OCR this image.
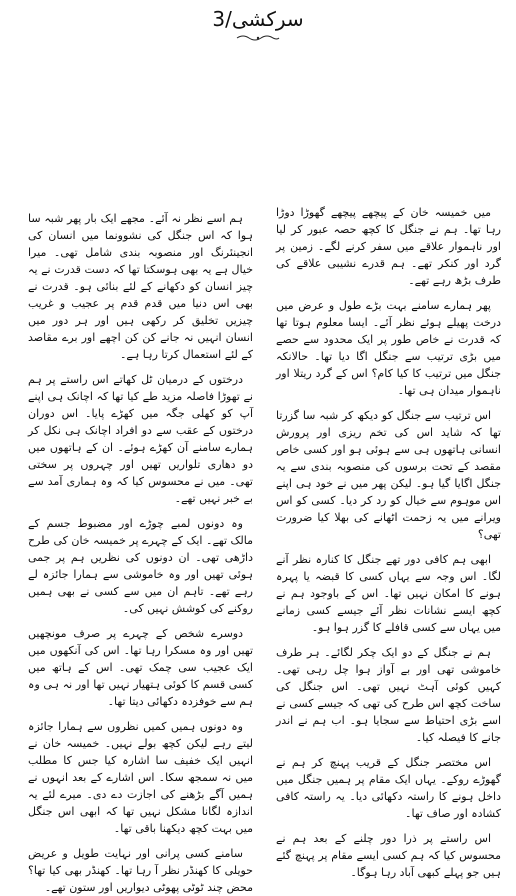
سرکشی/3

میں خمیسہ خان کے پیچھے پیچھے گھوڑا دوڑا رہا تھا۔ ہم نے جنگل کا کچھ حصہ عبور کر لیا اور ناہموار علاقے میں سفر کرنے لگے۔ زمین پر گرد اور کنکر تھے۔ ہم قدرے نشیبی علاقے کی طرف بڑھ رہے تھے۔

پھر ہمارے سامنے بہت بڑے طول و عرض میں درخت پھیلے ہوئے نظر آئے۔ ایسا معلوم ہوتا تھا کہ قدرت نے خاص طور پر ایک محدود سے حصے میں بڑی ترتیب سے جنگل اگا دیا تھا۔ حالانکہ جنگل میں ترتیب کا کیا کام؟ اس کے گرد ریتلا اور ناہموار میدان ہی تھا۔

اس ترتیب سے جنگل کو دیکھ کر شبہ سا گزرتا تھا کہ شاید اس کی تخم ریزی اور پرورش انسانی ہاتھوں ہی سے ہوئی ہو اور کسی خاص مقصد کے تحت برسوں کی منصوبہ بندی سے یہ جنگل اگایا گیا ہو۔ لیکن پھر میں نے خود ہی اپنے اس موہوم سے خیال کو رد کر دیا۔ کسی کو اس ویرانے میں یہ زحمت اٹھانے کی بھلا کیا ضرورت تھی؟

ابھی ہم کافی دور تھے جنگل کا کنارہ نظر آنے لگا۔ اس وجہ سے یہاں کسی کا قبضہ یا پہرہ ہونے کا امکان نہیں تھا۔ اس کے باوجود ہم نے کچھ ایسے نشانات نظر آئے جیسے کسی زمانے میں یہاں سے کسی قافلے کا گزر ہوا ہو۔

ہم نے جنگل کے دو ایک چکر لگائے۔ ہر طرف خاموشی تھی اور بے آواز ہوا چل رہی تھی۔ کہیں کوئی آہٹ نہیں تھی۔ اس جنگل کی ساخت کچھ اس طرح کی تھی کہ جیسے کسی نے اسے بڑی احتیاط سے سجایا ہو۔ اب ہم نے اندر جانے کا فیصلہ کیا۔

اس مختصر جنگل کے قریب پہنچ کر ہم نے گھوڑے روکے۔ یہاں ایک مقام پر ہمیں جنگل میں داخل ہونے کا راستہ دکھائی دیا۔ یہ راستہ کافی کشادہ اور صاف تھا۔

اس راستے پر ذرا دور چلنے کے بعد ہم نے محسوس کیا کہ ہم کسی ایسے مقام پر پہنچ گئے ہیں جو پہلے کبھی آباد رہا ہوگا۔

ہم اسے نظر نہ آئے۔ مجھے ایک بار پھر شبہ سا ہوا کہ اس جنگل کی نشوونما میں انسان کی انجینئرنگ اور منصوبہ بندی شامل تھی۔ میرا خیال ہے یہ بھی ہوسکتا تھا کہ دست قدرت نے یہ چیز انسان کو دکھانے کے لئے بنائی ہو۔ قدرت نے بھی اس دنیا میں قدم قدم پر عجیب و غریب چیزیں تخلیق کر رکھی ہیں اور ہر دور میں انسان انہیں نہ جانے کن کن اچھے اور برے مقاصد کے لئے استعمال کرتا رہا ہے۔

درختوں کے درمیان ٹل کھاتے اس راستے پر ہم نے تھوڑا فاصلہ مزید طے کیا تھا کہ اچانک ہی اپنے آپ کو کھلی جگہ میں کھڑے پایا۔ اس دوران درختوں کے عقب سے دو افراد اچانک ہی نکل کر ہمارے سامنے آن کھڑے ہوئے۔ ان کے ہاتھوں میں دو دھاری تلواریں تھیں اور چہروں پر سختی تھی۔ میں نے محسوس کیا کہ وہ ہماری آمد سے بے خبر نہیں تھے۔

وہ دونوں لمبے چوڑے اور مضبوط جسم کے مالک تھے۔ ایک کے چہرے پر خمیسہ خان کی طرح داڑھی تھی۔ ان دونوں کی نظریں ہم پر جمی ہوئی تھیں اور وہ خاموشی سے ہمارا جائزہ لے رہے تھے۔ تاہم ان میں سے کسی نے بھی ہمیں روکنے کی کوشش نہیں کی۔

دوسرے شخص کے چہرے پر صرف مونچھیں تھیں اور وہ مسکرا رہا تھا۔ اس کی آنکھوں میں ایک عجیب سی چمک تھی۔ اس کے ہاتھ میں کسی قسم کا کوئی ہتھیار نہیں تھا اور نہ ہی وہ ہم سے خوفزدہ دکھائی دیتا تھا۔

وہ دونوں ہمیں کمیں نظروں سے ہمارا جائزہ لیتے رہے لیکن کچھ بولے نہیں۔ خمیسہ خان نے انہیں ایک خفیف سا اشارہ کیا جس کا مطلب میں نہ سمجھ سکا۔ اس اشارے کے بعد انہوں نے ہمیں آگے بڑھنے کی اجازت دے دی۔ میرے لئے یہ اندازہ لگانا مشکل نہیں تھا کہ ابھی اس جنگل میں بہت کچھ دیکھنا باقی تھا۔

سامنے کسی پرانی اور نہایت طویل و عریض حویلی کا کھنڈر نظر آ رہا تھا۔ کھنڈر بھی کیا تھا؟ محض چند ٹوٹی پھوٹی دیواریں اور ستون تھے۔
